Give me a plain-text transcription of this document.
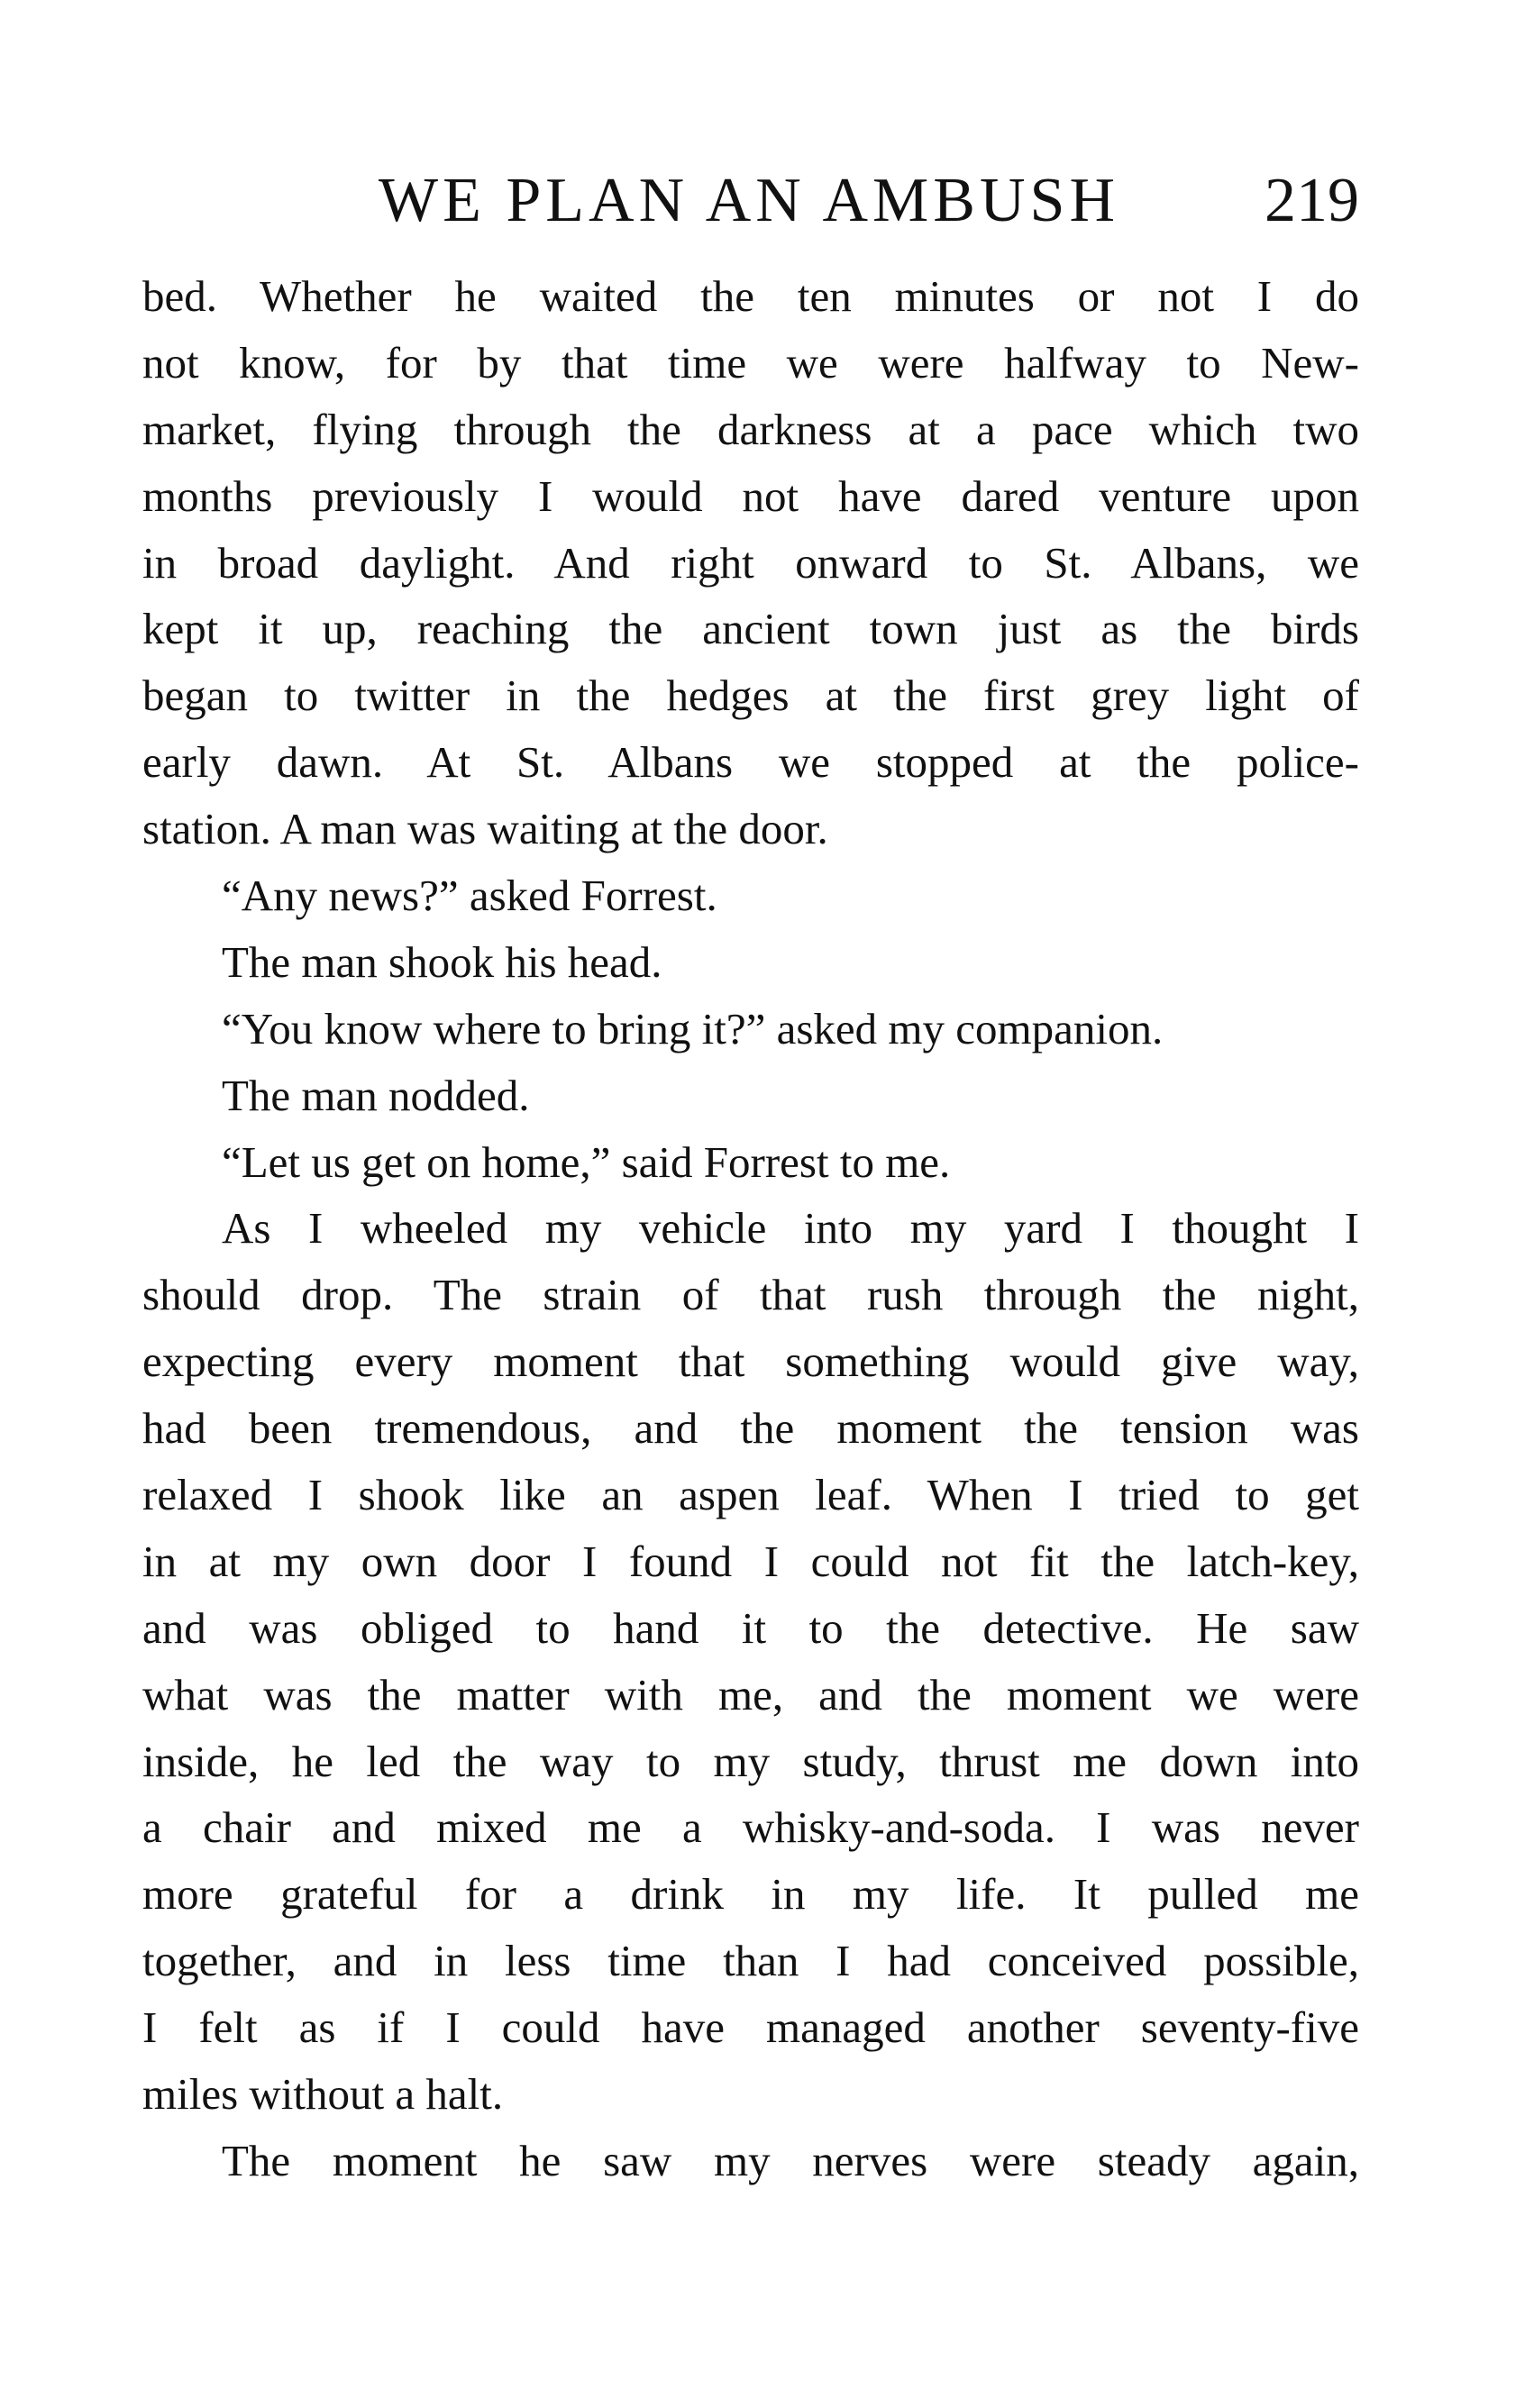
WE PLAN AN AMBUSH 219
bed. Whether he waited the ten minutes or not I do
not know, for by that time we were halfway to New-
market, flying through the darkness at a pace which two
months previously I would not have dared venture upon
in broad daylight. And right onward to St. Albans, we
kept it up, reaching the ancient town just as the birds
began to twitter in the hedges at the first grey light of
early dawn. At St. Albans we stopped at the police-
station. A man was waiting at the door.
“Any news?” asked Forrest.
The man shook his head.
“You know where to bring it?” asked my companion.
The man nodded.
“Let us get on home,” said Forrest to me.
As I wheeled my vehicle into my yard I thought I
should drop. The strain of that rush through the night,
expecting every moment that something would give way,
had been tremendous, and the moment the tension was
relaxed I shook like an aspen leaf. When I tried to get
in at my own door I found I could not fit the latch-key,
and was obliged to hand it to the detective. He saw
what was the matter with me, and the moment we were
inside, he led the way to my study, thrust me down into
a chair and mixed me a whisky-and-soda. I was never
more grateful for a drink in my life. It pulled me
together, and in less time than I had conceived possible,
I felt as if I could have managed another seventy-five
miles without a halt.
The moment he saw my nerves were steady again,
